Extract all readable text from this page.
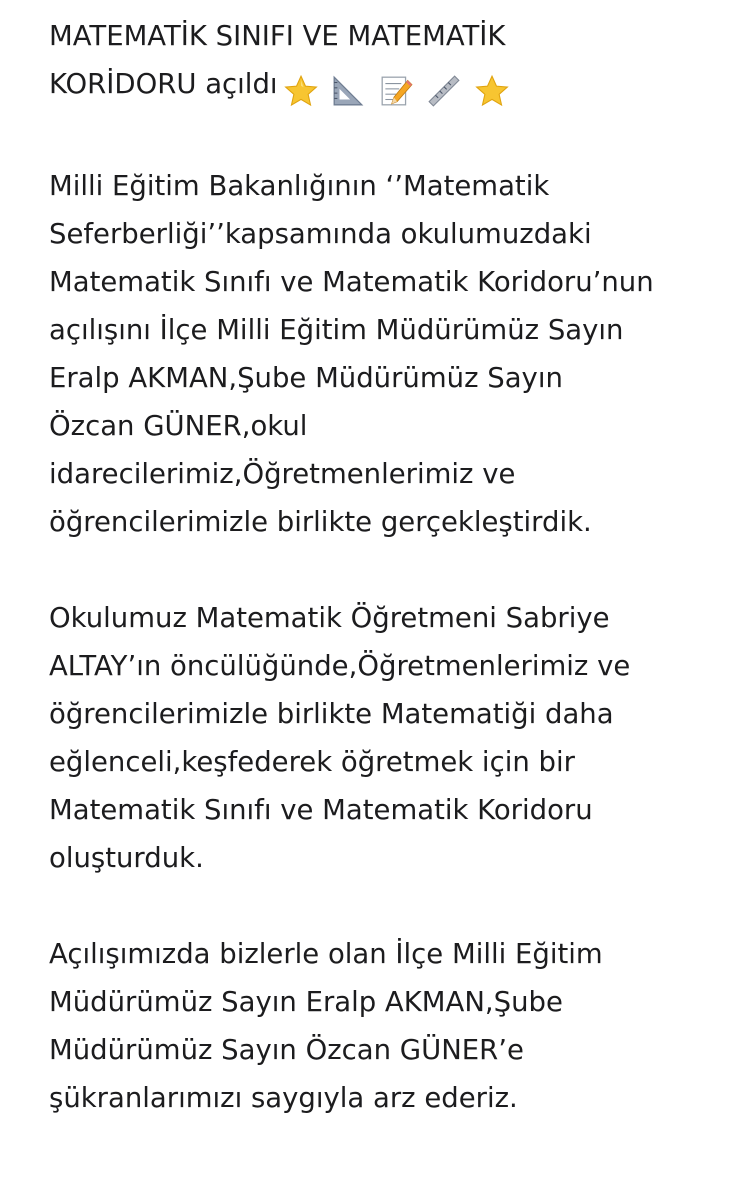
MATEMATİK SINIFI VE MATEMATİK
KORİDORU açıldı
Milli Eğitim Bakanlığının ‘’Matematik
Seferberliği’’kapsamında okulumuzdaki
Matematik Sınıfı ve Matematik Koridoru’nun
açılışını İlçe Milli Eğitim Müdürümüz Sayın
Eralp AKMAN,Şube Müdürümüz Sayın
Özcan GÜNER,okul
idarecilerimiz,Öğretmenlerimiz ve
öğrencilerimizle birlikte gerçekleştirdik.
Okulumuz Matematik Öğretmeni Sabriye
ALTAY’ın öncülüğünde,Öğretmenlerimiz ve
öğrencilerimizle birlikte Matematiği daha
eğlenceli,keşfederek öğretmek için bir
Matematik Sınıfı ve Matematik Koridoru
oluşturduk.
Açılışımızda bizlerle olan İlçe Milli Eğitim
Müdürümüz Sayın Eralp AKMAN,Şube
Müdürümüz Sayın Özcan GÜNER’e
şükranlarımızı saygıyla arz ederiz.
